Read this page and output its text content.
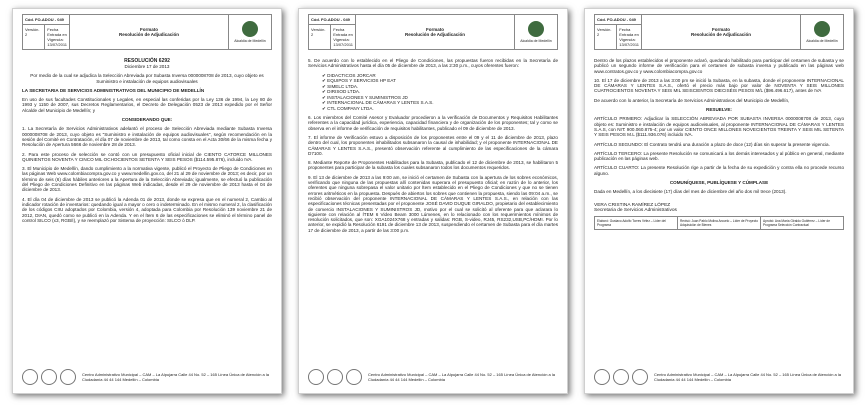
Cód. FO-ADOU - 049
Versión. 2
Fecha Entrada en Vigencia: 13/07/2011
Formato
Resolución de Adjudicación
Alcaldía de Medellín

RESOLUCIÓN 6292

Diciembre 17 de 2013

Por medio de la cual se adjudica la Selección Abreviada por Subasta Inversa 0000008708 de 2013, cuyo objeto es Suministro e instalación de equipos audiovisuales

LA SECRETARIA DE SERVICIOS ADMINISTRATIVOS DEL MUNICIPIO DE MEDELLÍN

En uso de sus facultades Constitucionales y Legales, en especial las conferidas por la Ley 136 de 1994, la Ley 80 de 1993 y 1150 de 2007, sus Decretos Reglamentarios, el Decreto de Delegación 0523 de 2013 expedido por el Señor Alcalde del Municipio de Medellín; y

CONSIDERANDO QUE:

1. La Secretaría de Servicios Administrativos adelantó el proceso de Selección Abreviada mediante Subasta Inversa 0000008708 de 2013, cuyo objeto es "Suministro e instalación de equipos audiovisuales", según recomendación en la sesión del Comité en Contratación, el día 07 de noviembre de 2013, tal como consta en el Acta 30/66 de la misma fecha y Resolución de Apertura 5666 de noviembre 28 de 2013.

2. Para este proceso de selección se contó con un presupuesto oficial inicial de CIENTO CATORCE MILLONES QUINIENTOS NOVENTA Y CINCO MIL OCHOCIENTOS SETENTA Y SEIS PESOS ($114.595.876), incluido IVA.

3. El Municipio de Medellín, dando cumplimiento a la normativa vigente, publicó el Proyecto de Pliego de Condiciones en las páginas Web www.colombiacompra.gov.co y www.medellin.gov.co, del 21 al 29 de noviembre de 2013; es decir, por un término de seis (6) días hábiles anteriores a la Apertura de la Selección Abreviada; igualmente, se efectuó la publicación del Pliego de Condiciones Definitivo en las páginas Web indicadas, desde el 29 de noviembre de 2013 hasta el 04 de diciembre de 2013.

4. El día 04 de diciembre de 2013 se publicó la Adenda 01 de 2013, donde se expresa que en el numeral 2, Cambio al indicador rotación de inventarios: quedando igual a mayor o cero o indeterminado. En el mismo numeral 2, la clasificación de los códigos CIIU adoptados por Colombia, versión 4, adoptada para Colombia por Resolución 139 noviembre 21 de 2012, DIAN, quedó como se publicó en la Adenda. Y en el Ítem 6 de las especificaciones se eliminó el término panel de control SILCO (x3, RGB/I), y se reemplazó por Sistema de proyección: SILCO ó DLP.

Centro Administrativo Municipal – CAM – La Alpujarra Calle 44 No. 52 – 165 Línea Única de Atención a la Ciudadanía 44 44 144 Medellín – Colombia
Cód. FO-ADOU - 049
Versión. 2
Fecha Entrada en Vigencia: 13/07/2011
Formato
Resolución de Adjudicación
Alcaldía de Medellín

5. De acuerdo con lo establecido en el Pliego de Condiciones, las propuestas fueron recibidas en la Secretaría de Servicios Administrativos hasta el día 05 de diciembre de 2013, a las 2:30 p.m., cuyos oferentes fueron:

✔ DIDACTICOS JORCAR
✔ EQUIPOS Y SERVICIOS HP EAT
✔ SIMELC LTDA.
✔ DIRISOD LTDA.
✔ INSTALACIONES Y SUMINISTROS JD
✔ INTERNACIONAL DE CÁMARAS Y LENTES S.A.S.
✔ CTL COMPANY LTDA.

6. Los miembros del Comité Asesor y Evaluador procedieron a la verificación de Documentos y Requisitos Habilitantes referentes a la capacidad jurídica, experiencia, capacidad financiera y de organización de los proponentes; tal y como se observa en el informe de verificación de requisitos habilitantes, publicado el 09 de diciembre de 2013.

7. El informe de Verificación estuvo a disposición de los proponentes entre el 09 y el 11 de diciembre de 2013, plazo dentro del cual, los proponentes inhabilitados subsanaron la causal de inhabilidad; y el proponente INTERNACIONAL DE CÁMARAS Y LENTES S.A.S., presentó observación referente al cumplimiento de las especificaciones de la cámara D7100.

8. Mediante Reporte de Proponentes Habilitados para la Subasta, publicado el 12 de diciembre de 2013, se habilitaron 5 proponentes para participar de la subasta los cuales subsanaron todos los documentos requeridos.

9. El 13 de diciembre de 2013 a las 9:00 am, se inició el certamen de Subasta con la apertura de los sobres económicos, verificando que ninguna de las propuestas allí contenidas superara el presupuesto oficial; en razón de lo anterior, los oferentes que ninguna sobrepasa el valor unitario por Ítem establecido en el Pliego de Condiciones y que no se tienen errores aritméticos en la propuesta. Después de abiertos los sobres que contienen la propuesta, siendo las 09:04 a.m., se recibió observación del proponente INTERNACIONAL DE CÁMARAS Y LENTES S.A.S., en relación con las especificaciones técnicas presentadas por el proponente JOSÉ DAVID DUQUE GIRALDO, propietario del establecimiento de comercio INSTALACIONES Y SUMINISTROS JD, motivo por el cual se solicitó al oferente para que aclarara lo siguiente con relación al ÍTEM 6 Video Beam 3000 Lúmenes, en lo relacionado con los requerimientos mínimos de resolución solicitados, que son: XGA1024X768 y entradas y salidas: RGB, S-video, RJ45, RS232,USB,PC/HDMI. Por lo anterior, se expidió la Resolución 6191 de diciembre 13 de 2013, suspendiendo el certamen de Subasta para el día martes 17 de diciembre de 2013, a partir de las 3:00 p.m.

Centro Administrativo Municipal – CAM – La Alpujarra Calle 44 No. 52 – 165 Línea Única de Atención a la Ciudadanía 44 44 144 Medellín – Colombia
Cód. FO-ADOU - 049
Versión. 2
Fecha Entrada en Vigencia: 13/07/2011
Formato
Resolución de Adjudicación
Alcaldía de Medellín

Dentro de los plazos establecidos el proponente aclaró, quedando habilitado para participar del certamen de subasta y se publicó un segundo informe de verificación para el certamen de subasta inversa y publicado en las páginas web www.contratos.gov.co y www.colombiacompra.gov.co

10. El 17 de diciembre de 2013 a las 3:00 pm se inició la Subasta, en la subasta, donde el proponente INTERNACIONAL DE CÁMARAS Y LENTES S.A.S., ofertó el precio más bajo por valor de NOVENTA Y SEIS MILLONES CUATROCIENTOS NOVENTA Y SEIS MIL SEISCIENTOS DIECISÉIS PESOS M/L ($96.496.617), antes de IVA

De acuerdo con lo anterior, la Secretaría de Servicios Administrativos del Municipio de Medellín,

RESUELVE:

ARTÍCULO PRIMERO: Adjudicar la SELECCIÓN ABREVIADA POR SUBASTA INVERSA 0000008708 de 2013, cuyo objeto es: Suministro e instalación de equipos audiovisuales, al proponente INTERNACIONAL DE CÁMARAS Y LENTES S.A.S, con NIT: 900.060.875-4; por un valor CIENTO ONCE MILLONES NOVECIENTOS TREINTA Y SEIS MIL SETENTA Y SEIS PESOS M.L ($111.936.076) incluido IVA.

ARTÍCULO SEGUNDO: El Contrato tendrá una duración a plazo de doce (12) días sin superar la presente vigencia.

ARTÍCULO TERCERO: La presente Resolución se comunicará a los demás interesados y al público en general, mediante publicación en las páginas web.

ARTÍCULO CUARTO: La presente Resolución rige a partir de la fecha de su expedición y contra ella no procede recurso alguno.

COMUNÍQUESE, PUBLÍQUESE Y CÚMPLASE

Dada en Medellín, a los diecisiete (17) días del mes de diciembre del año dos mil trece (2013).

VERA CRISTINA RAMÍREZ LÓPEZ
Secretaria de Servicios Administrativos
Elaboró: Gustavo Adolfo Torres Vélez – Líder del Programa
Revisó: Juan Pablo Molina Arcuelo – Líder de Proyecto Adquisición de Bienes
Aprobó: Ana María Giraldo Gutiérrez – Líder de Programa Selección Contractual
Centro Administrativo Municipal – CAM – La Alpujarra Calle 44 No. 52 – 165 Línea Única de Atención a la Ciudadanía 44 44 144 Medellín – Colombia
